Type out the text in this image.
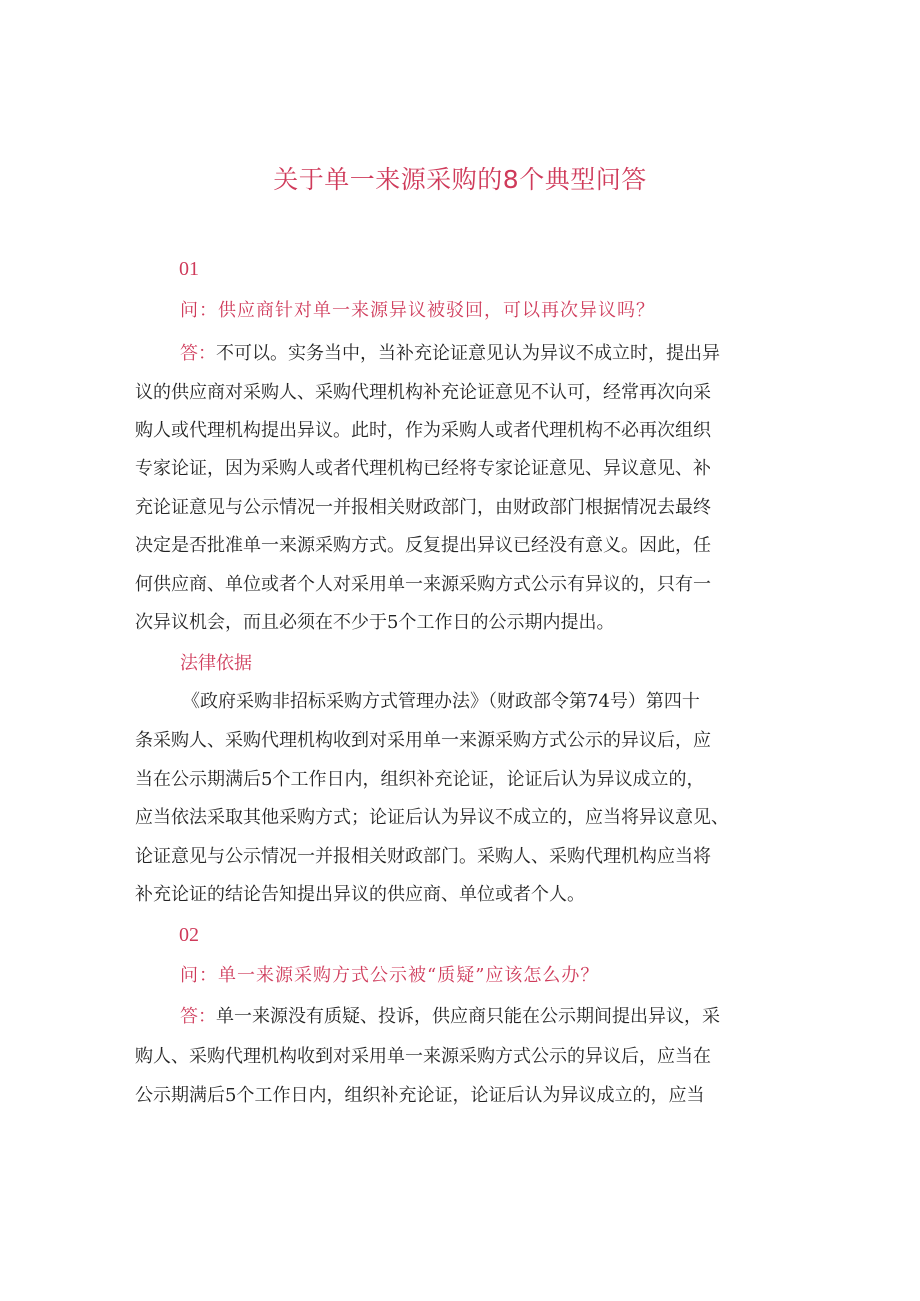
关于单一来源采购的8个典型问答
01
问：供应商针对单一来源异议被驳回，可以再次异议吗？
答：不可以。实务当中，当补充论证意见认为异议不成立时，提出异
议的供应商对采购人、采购代理机构补充论证意见不认可，经常再次向采
购人或代理机构提出异议。此时，作为采购人或者代理机构不必再次组织
专家论证，因为采购人或者代理机构已经将专家论证意见、异议意见、补
充论证意见与公示情况一并报相关财政部门，由财政部门根据情况去最终
决定是否批准单一来源采购方式。反复提出异议已经没有意义。因此，任
何供应商、单位或者个人对采用单一来源采购方式公示有异议的，只有一
次异议机会，而且必须在不少于5个工作日的公示期内提出。
法律依据
《政府采购非招标采购方式管理办法》（财政部令第74号）第四十
条采购人、采购代理机构收到对采用单一来源采购方式公示的异议后，应
当在公示期满后5个工作日内，组织补充论证，论证后认为异议成立的，
应当依法采取其他采购方式；论证后认为异议不成立的，应当将异议意见、
论证意见与公示情况一并报相关财政部门。采购人、采购代理机构应当将
补充论证的结论告知提出异议的供应商、单位或者个人。
02
问：单一来源采购方式公示被“质疑”应该怎么办？
答：单一来源没有质疑、投诉，供应商只能在公示期间提出异议，采
购人、采购代理机构收到对采用单一来源采购方式公示的异议后，应当在
公示期满后5个工作日内，组织补充论证，论证后认为异议成立的，应当
